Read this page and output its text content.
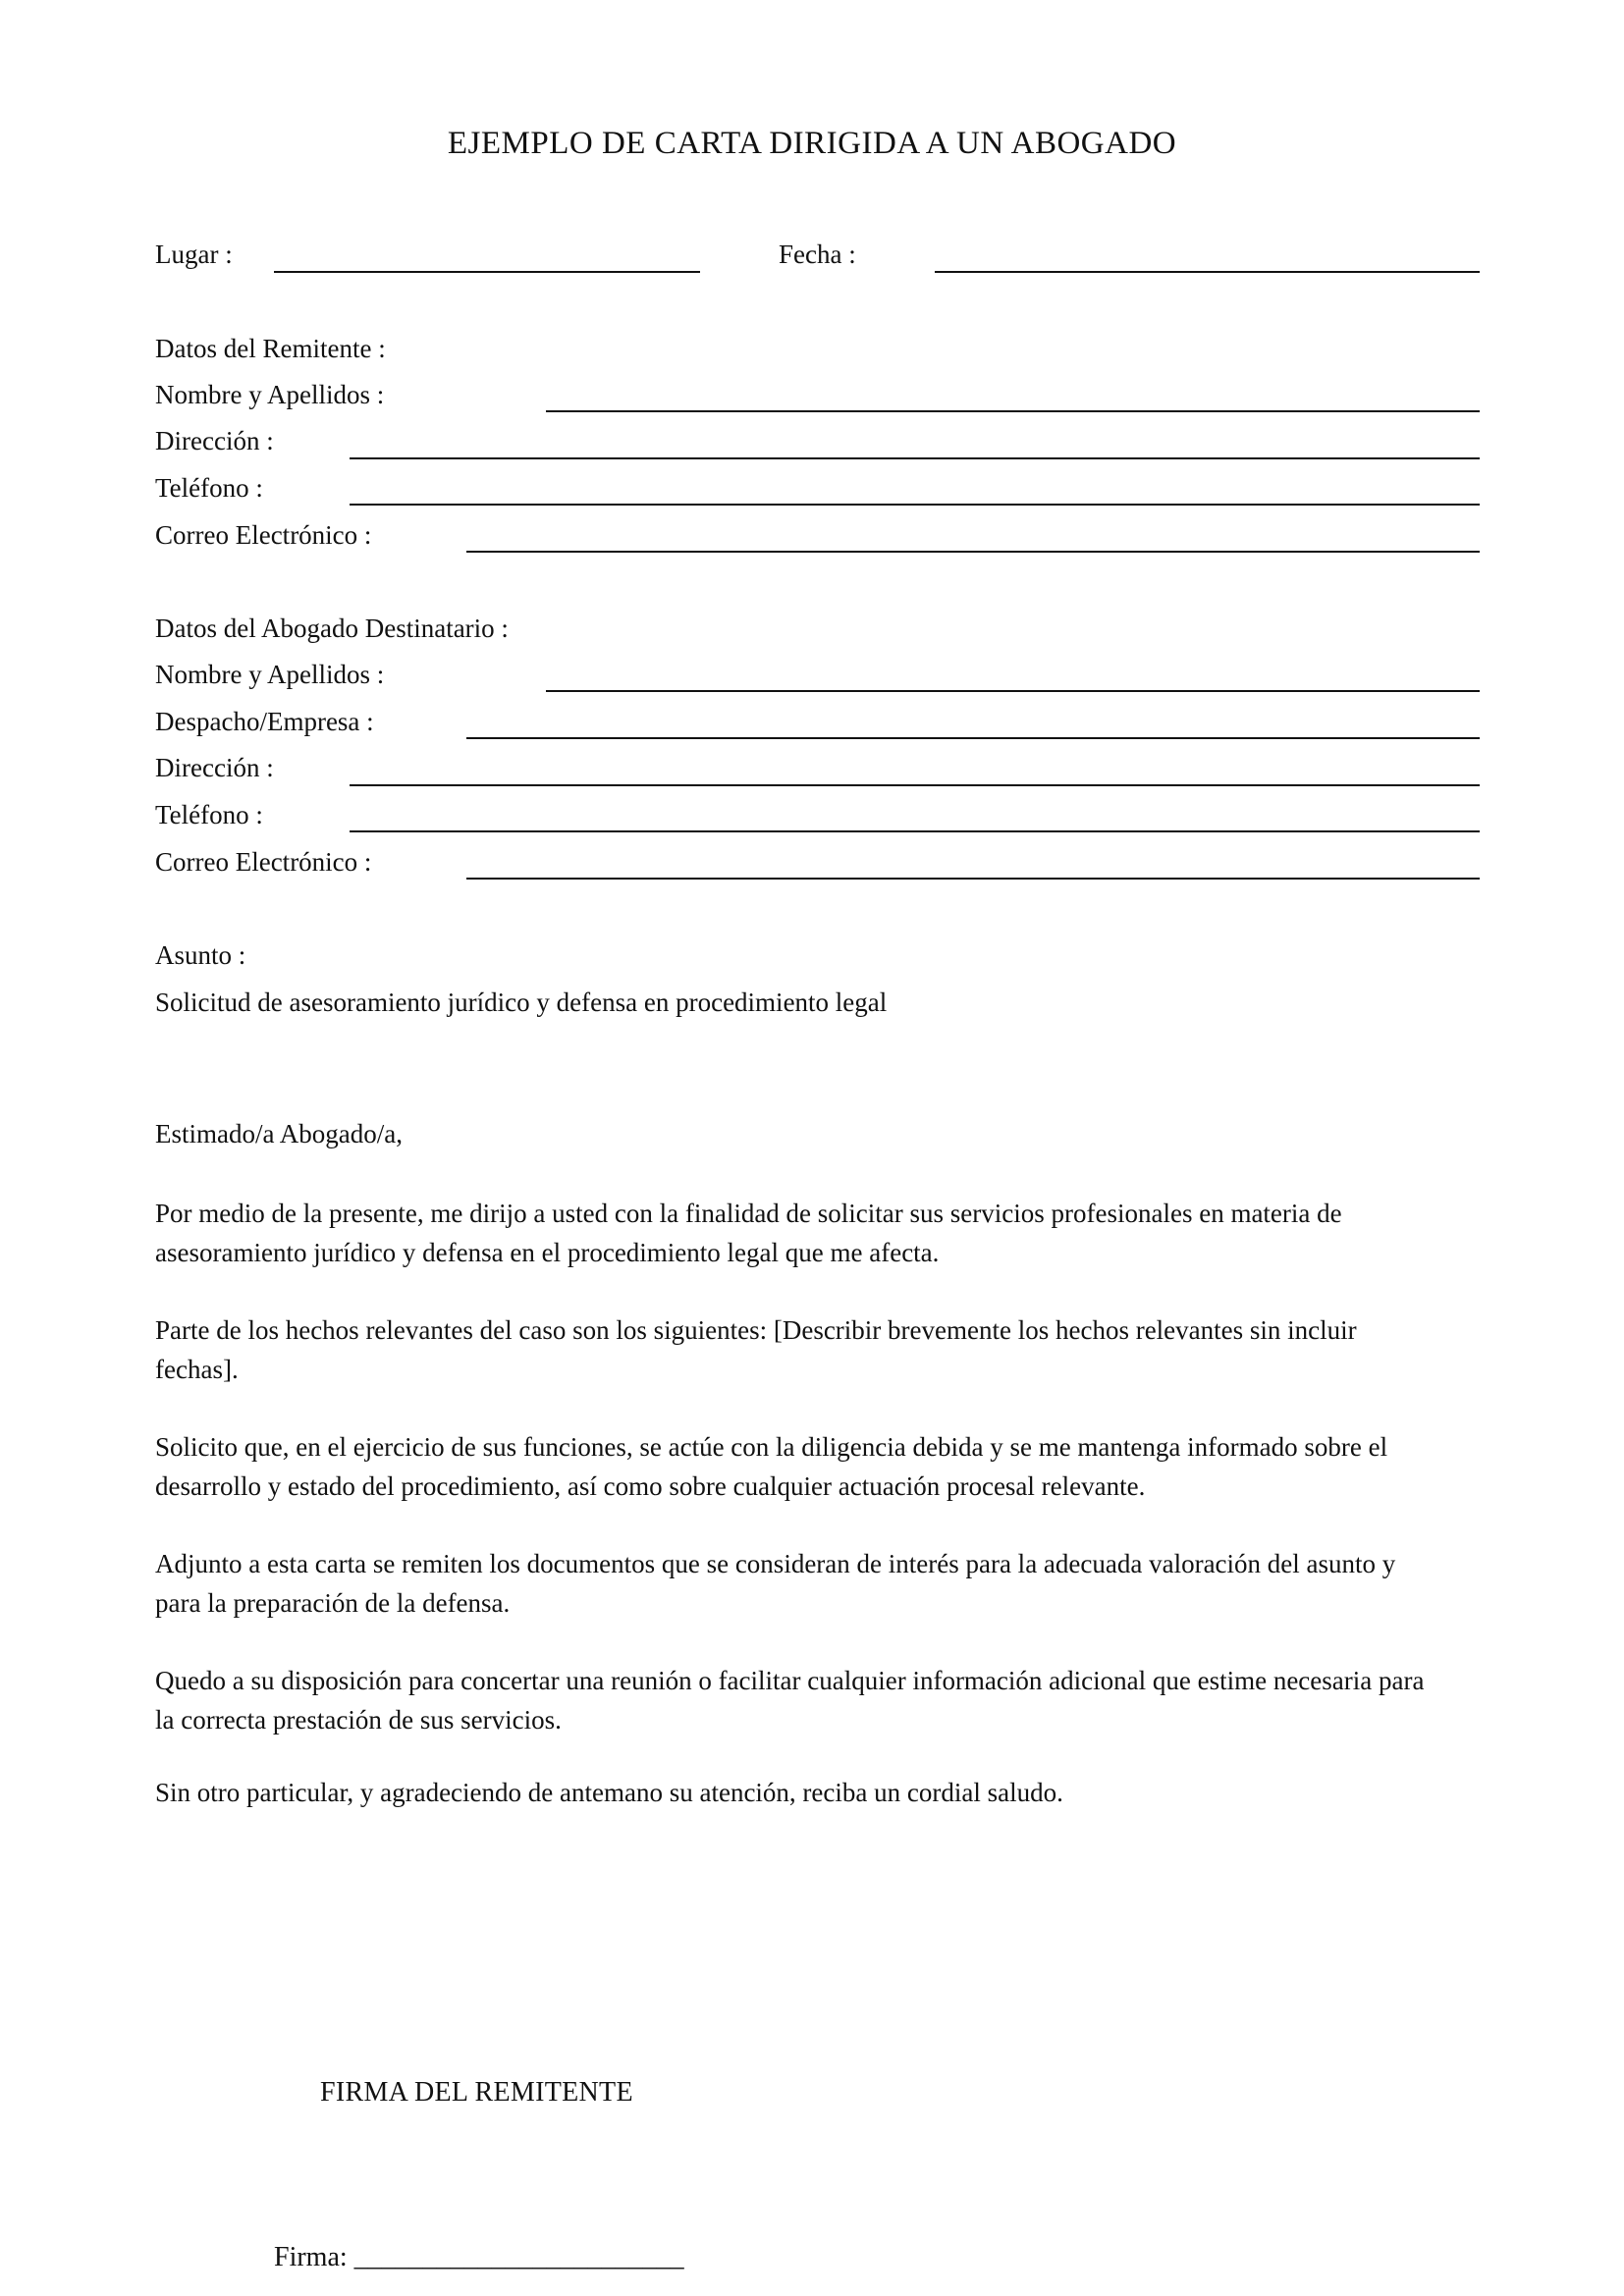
EJEMPLO DE CARTA DIRIGIDA A UN ABOGADO
Lugar :	Fecha :
Datos del Remitente :
Nombre y Apellidos :
Dirección :
Teléfono :
Correo Electrónico :
Datos del Abogado Destinatario :
Nombre y Apellidos :
Despacho/Empresa :
Dirección :
Teléfono :
Correo Electrónico :
Asunto :
Solicitud de asesoramiento jurídico y defensa en procedimiento legal
Estimado/a Abogado/a,
Por medio de la presente, me dirijo a usted con la finalidad de solicitar sus servicios profesionales en materia de
asesoramiento jurídico y defensa en el procedimiento legal que me afecta.
Parte de los hechos relevantes del caso son los siguientes: [Describir brevemente los hechos relevantes sin incluir
fechas].
Solicito que, en el ejercicio de sus funciones, se actúe con la diligencia debida y se me mantenga informado sobre el
desarrollo y estado del procedimiento, así como sobre cualquier actuación procesal relevante.
Adjunto a esta carta se remiten los documentos que se consideran de interés para la adecuada valoración del asunto y
para la preparación de la defensa.
Quedo a su disposición para concertar una reunión o facilitar cualquier información adicional que estime necesaria para
la correcta prestación de sus servicios.
Sin otro particular, y agradeciendo de antemano su atención, reciba un cordial saludo.
FIRMA DEL REMITENTE
Firma: ________________________
